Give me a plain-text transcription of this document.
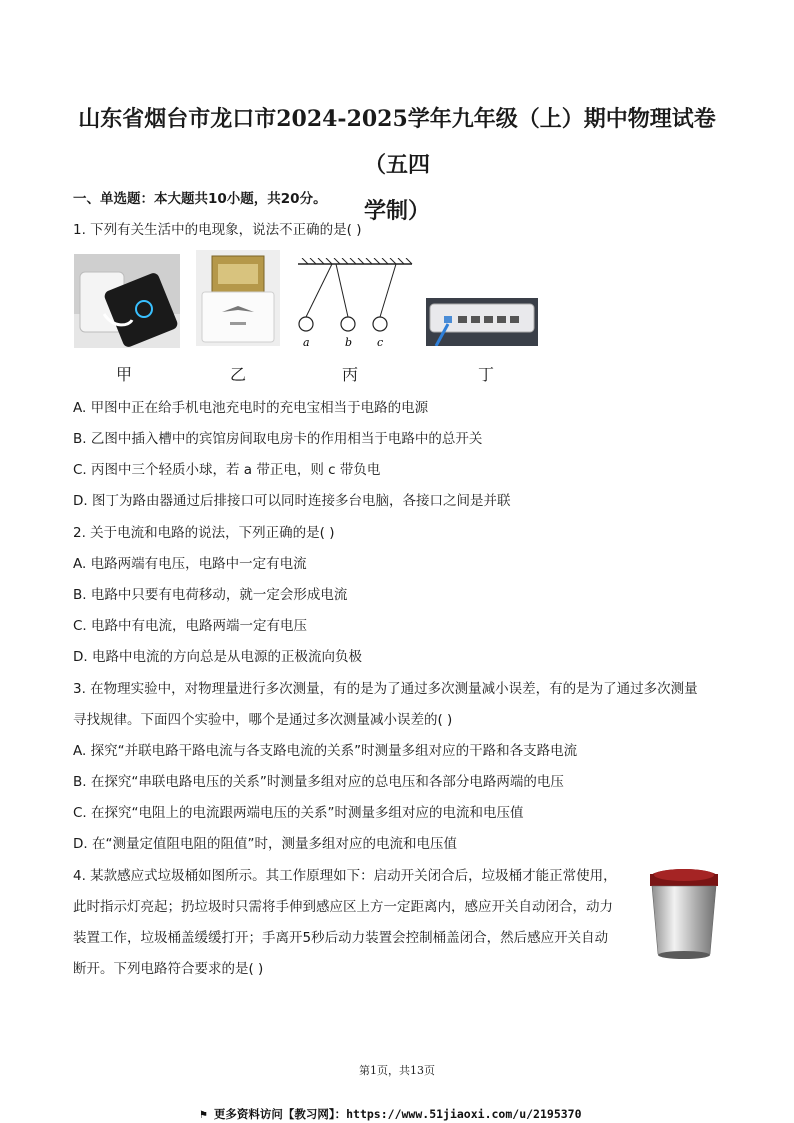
山东省烟台市龙口市2024-2025学年九年级（上）期中物理试卷（五四
学制）
一、单选题：本大题共10小题，共20分。
1. 下列有关生活中的电现象，说法不正确的是( )
甲	乙
a	b c
丙	丁
A. 甲图中正在给手机电池充电时的充电宝相当于电路的电源
B. 乙图中插入槽中的宾馆房间取电房卡的作用相当于电路中的总开关
C. 丙图中三个轻质小球，若 a 带正电，则 c 带负电
D. 图丁为路由器通过后排接口可以同时连接多台电脑，各接口之间是并联
2. 关于电流和电路的说法，下列正确的是( )
A. 电路两端有电压，电路中一定有电流
B. 电路中只要有电荷移动，就一定会形成电流
C. 电路中有电流，电路两端一定有电压
D. 电路中电流的方向总是从电源的正极流向负极
3. 在物理实验中，对物理量进行多次测量，有的是为了通过多次测量减小误差，有的是为了通过多次测量
寻找规律。下面四个实验中，哪个是通过多次测量减小误差的( )
A. 探究“并联电路干路电流与各支路电流的关系”时测量多组对应的干路和各支路电流
B. 在探究“串联电路电压的关系”时测量多组对应的总电压和各部分电路两端的电压
C. 在探究“电阻上的电流跟两端电压的关系”时测量多组对应的电流和电压值
D. 在“测量定值阻电阻的阻值”时，测量多组对应的电流和电压值
4. 某款感应式垃圾桶如图所示。其工作原理如下：启动开关闭合后，垃圾桶才能正常使用，
此时指示灯亮起；扔垃圾时只需将手伸到感应区上方一定距离内，感应开关自动闭合，动力
装置工作，垃圾桶盖缓缓打开；手离开5秒后动力装置会控制桶盖闭合，然后感应开关自动
断开。下列电路符合要求的是( )
第1页，共13页
⚑ 更多资料访问【教习网】：https://www.51jiaoxi.com/u/2195370
